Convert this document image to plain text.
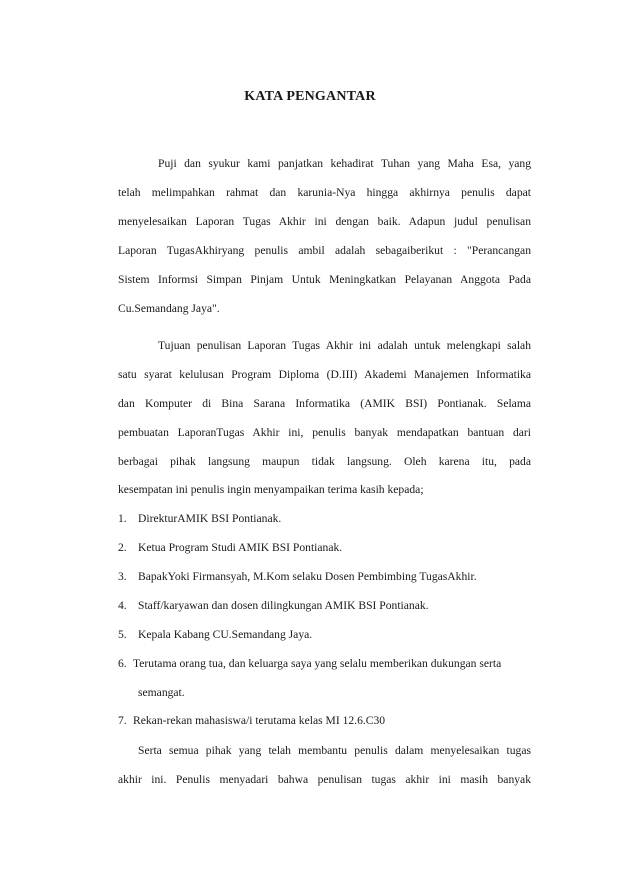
KATA PENGANTAR
Puji dan syukur kami panjatkan kehadirat Tuhan yang Maha Esa, yang
telah melimpahkan rahmat dan karunia-Nya hingga akhirnya penulis dapat
menyelesaikan Laporan Tugas Akhir ini dengan baik. Adapun judul penulisan
Laporan TugasAkhiryang penulis ambil adalah sebagaiberikut : "Perancangan
Sistem Informsi Simpan Pinjam Untuk Meningkatkan Pelayanan Anggota Pada
Cu.Semandang Jaya".
Tujuan penulisan Laporan Tugas Akhir ini adalah untuk melengkapi salah
satu syarat kelulusan Program Diploma (D.III) Akademi Manajemen Informatika
dan Komputer di Bina Sarana Informatika (AMIK BSI) Pontianak. Selama
pembuatan LaporanTugas Akhir ini, penulis banyak mendapatkan bantuan dari
berbagai pihak langsung maupun tidak langsung. Oleh karena itu, pada
kesempatan ini penulis ingin menyampaikan terima kasih kepada;
1. DirekturAMIK BSI Pontianak.
2. Ketua Program Studi AMIK BSI Pontianak.
3. BapakYoki Firmansyah, M.Kom selaku Dosen Pembimbing TugasAkhir.
4. Staff/karyawan dan dosen dilingkungan AMIK BSI Pontianak.
5. Kepala Kabang CU.Semandang Jaya.
6. Terutama orang tua, dan keluarga saya yang selalu memberikan dukungan serta
semangat.
7. Rekan-rekan mahasiswa/i terutama kelas MI 12.6.C30
Serta semua pihak yang telah membantu penulis dalam menyelesaikan tugas
akhir ini. Penulis menyadari bahwa penulisan tugas akhir ini masih banyak
